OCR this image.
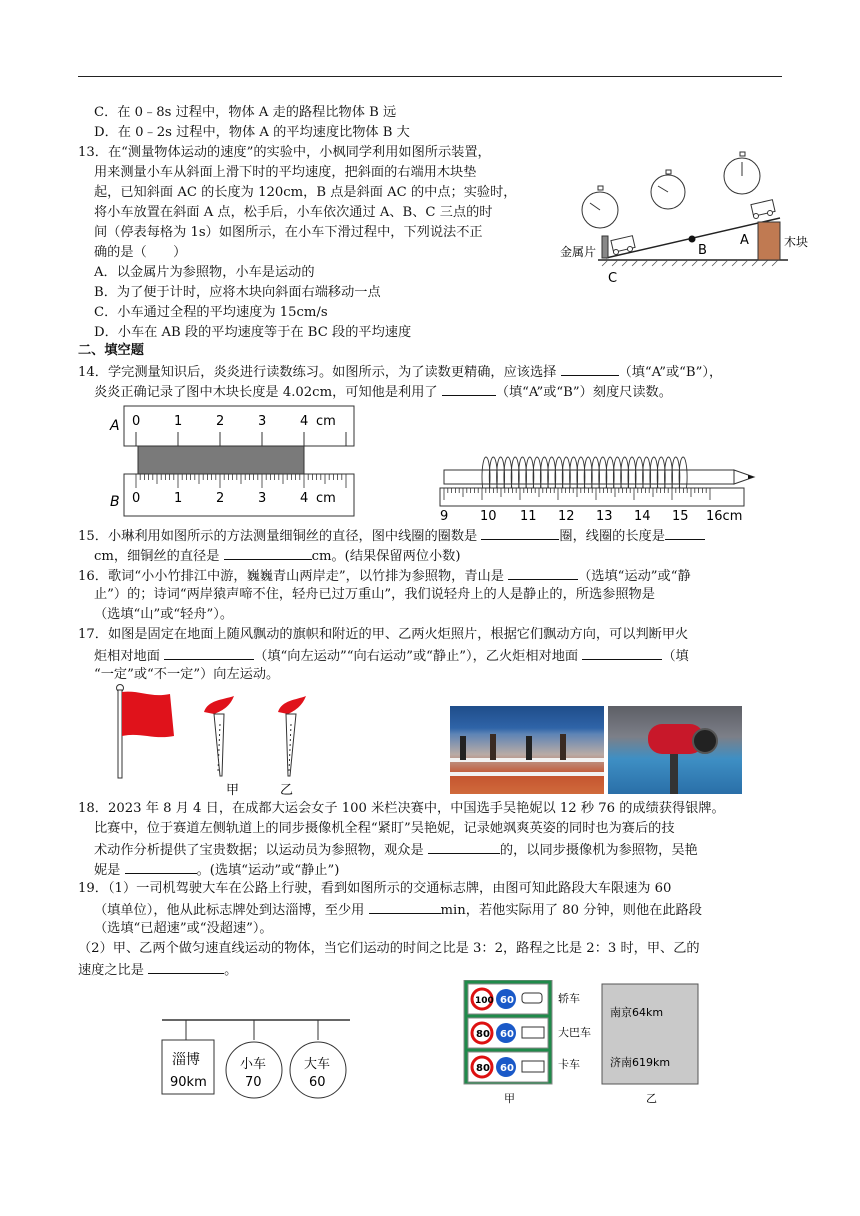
C．在 0﹣8s 过程中，物体 A 走的路程比物体 B 远
D．在 0﹣2s 过程中，物体 A 的平均速度比物体 B 大
13．在“测量物体运动的速度”的实验中，小枫同学利用如图所示装置，
用来测量小车从斜面上滑下时的平均速度，把斜面的右端用木块垫
起，已知斜面 AC 的长度为 120cm，B 点是斜面 AC 的中点；实验时，
将小车放置在斜面 A 点，松手后，小车依次通过 A、B、C 三点的时
间（停表每格为 1s）如图所示，在小车下滑过程中，下列说法不正
确的是（　　）
A．以金属片为参照物，小车是运动的
B．为了便于计时，应将木块向斜面右端移动一点
C．小车通过全程的平均速度为 15cm/s
D．小车在 AB 段的平均速度等于在 BC 段的平均速度
金属片
木块
A
B
C
二、填空题
14．学完测量知识后，炎炎进行读数练习。如图所示，为了读数更精确，应该选择	（填“A”或“B”），
炎炎正确记录了图中木块长度是 4.02cm，可知他是利用了	（填“A”或“B”）刻度尺读数。
A 0	1	2	3	4 cm
B 0	1	2	3	4 cm
9 10 11 12 13 14 15 16cm
15．小琳利用如图所示的方法测量细铜丝的直径，图中线圈的圈数是	圈，线圈的长度是
cm，细铜丝的直径是	cm。(结果保留两位小数)
16．歌词“小小竹排江中游，巍巍青山两岸走”，以竹排为参照物，青山是	（选填“运动”或“静
止”）的；诗词“两岸猿声啼不住，轻舟已过万重山”，我们说轻舟上的人是静止的，所选参照物是
（选填“山”或“轻舟”）。
17．如图是固定在地面上随风飘动的旗帜和附近的甲、乙两火炬照片，根据它们飘动方向，可以判断甲火
炬相对地面	（填“向左运动”“向右运动”或“静止”），乙火炬相对地面	（填
“一定”或“不一定”）向左运动。
甲	乙
18．2023 年 8 月 4 日，在成都大运会女子 100 米栏决赛中，中国选手吴艳妮以 12 秒 76 的成绩获得银牌。
比赛中，位于赛道左侧轨道上的同步摄像机全程“紧盯”吴艳妮，记录她飒爽英姿的同时也为赛后的技
术动作分析提供了宝贵数据；以运动员为参照物，观众是	的，以同步摄像机为参照物，吴艳
妮是	。(选填“运动”或“静止”)
19．（1）一司机驾驶大车在公路上行驶，看到如图所示的交通标志牌，由图可知此路段大车限速为 60
（填单位），他从此标志牌处到达淄博，至少用	min，若他实际用了 80 分钟，则他在此路段
（选填“已超速”或“没超速”）。
（2）甲、乙两个做匀速直线运动的物体，当它们运动的时间之比是 3：2，路程之比是 2：3 时，甲、乙的
速度之比是	。
淄博
90km
小车
70
大车
60
100 60
80 60
80 60
轿车
大巴车
卡车
甲
南京64km
济南619km
乙
